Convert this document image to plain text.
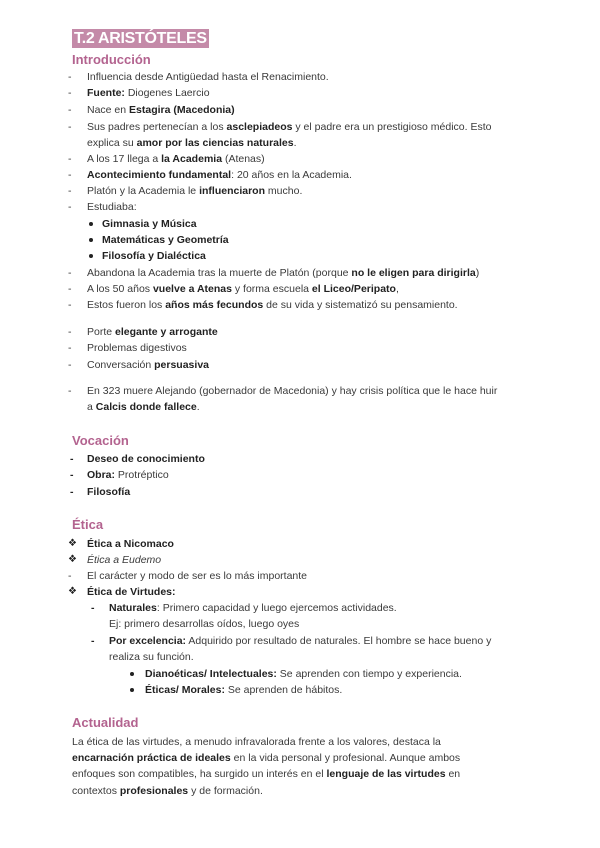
T.2 ARISTÓTELES
Introducción
- Influencia desde Antigüedad hasta el Renacimiento.
- Fuente: Diogenes Laercio
- Nace en Estagira (Macedonia)
- Sus padres pertenecían a los asclepiadeos y el padre era un prestigioso médico. Esto
explica su amor por las ciencias naturales.
- A los 17 llega a la Academia (Atenas)
- Acontecimiento fundamental: 20 años en la Academia.
- Platón y la Academia le influenciaron mucho.
- Estudiaba:
Gimnasia y Música
Matemáticas y Geometría
Filosofía y Dialéctica
- Abandona la Academia tras la muerte de Platón (porque no le eligen para dirigirla)
- A los 50 años vuelve a Atenas y forma escuela el Liceo/Peripato,
- Estos fueron los años más fecundos de su vida y sistematizó su pensamiento.
- Porte elegante y arrogante
- Problemas digestivos
- Conversación persuasiva
- En 323 muere Alejando (gobernador de Macedonia) y hay crisis política que le hace huir
a Calcis donde fallece.
Vocación
- Deseo de conocimiento
- Obra: Protréptico
- Filosofía
Ética
❖ Ética a Nicomaco
❖ Ética a Eudemo
- El carácter y modo de ser es lo más importante
❖ Ética de Virtudes:
- Naturales: Primero capacidad y luego ejercemos actividades.
Ej: primero desarrollas oídos, luego oyes
- Por excelencia: Adquirido por resultado de naturales. El hombre se hace bueno y
realiza su función.
Dianoéticas/ Intelectuales: Se aprenden con tiempo y experiencia.
Éticas/ Morales: Se aprenden de hábitos.
Actualidad
La ética de las virtudes, a menudo infravalorada frente a los valores, destaca la
encarnación práctica de ideales en la vida personal y profesional. Aunque ambos
enfoques son compatibles, ha surgido un interés en el lenguaje de las virtudes en
contextos profesionales y de formación.
